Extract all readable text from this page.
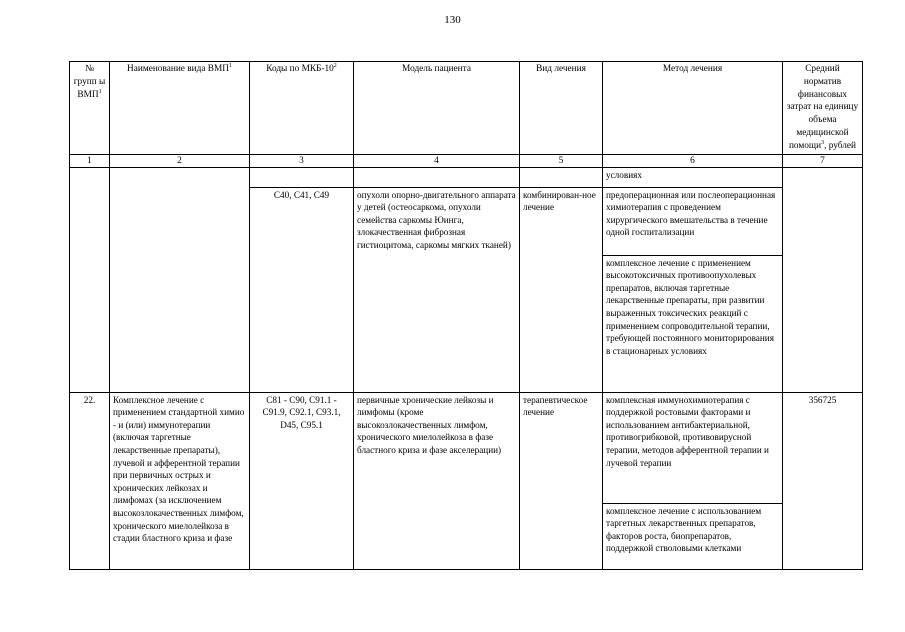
130
№ групп ы ВМП$^1$	Наименование вида ВМП$^1$	Коды по МКБ-$10^2$	Модель пациента	Вид лечения	Метод лечения	Средний норматив финансовых затрат на единицу объема медицинской помощи$^3$, рублей
1	2	3	4	5	6	7
					условиях	
		C40, C41, C49	опухоли опорно-двигательного аппарата у детей (остеосаркома, опухоли семейства саркомы Юинга, злокачественная фиброзная гистиоцитома, саркомы мягких тканей)	комбинирован-ное лечение	предоперационная или послеоперационная химиотерапия с проведением хирургического вмешательства в течение одной госпитализации	
					комплексное лечение с применением высокотоксичных противоопухолевых препаратов, включая таргетные лекарственные препараты, при развитии выраженных токсических реакций с применением сопроводительной терапии, требующей постоянного мониторирования в стационарных условиях	
22.	Комплексное лечение с применением стандартной химио - и (или) иммунотерапии (включая таргетные лекарственные препараты), лучевой и афферентной терапии при первичных острых и хронических лейкозах и лимфомах (за исключением высокозлокачественных лимфом, хронического миелолейкоза в стадии бластного криза и фазе	C81 - C90, C91.1 - C91.9, C92.1, C93.1, D45, C95.1	первичные хронические лейкозы и лимфомы (кроме высокозлокачественных лимфом, хронического миелолейкоза в фазе бластного криза и фазе акселерации)	терапевтическое лечение	комплексная иммунохимиотерапия с поддержкой ростовыми факторами и использованием антибактериальной, противогрибковой, противовирусной терапии, методов афферентной терапии и лучевой терапии	356725
					комплексное лечение с использованием таргетных лекарственных препаратов, факторов роста, биопрепаратов, поддержкой стволовыми клетками	
